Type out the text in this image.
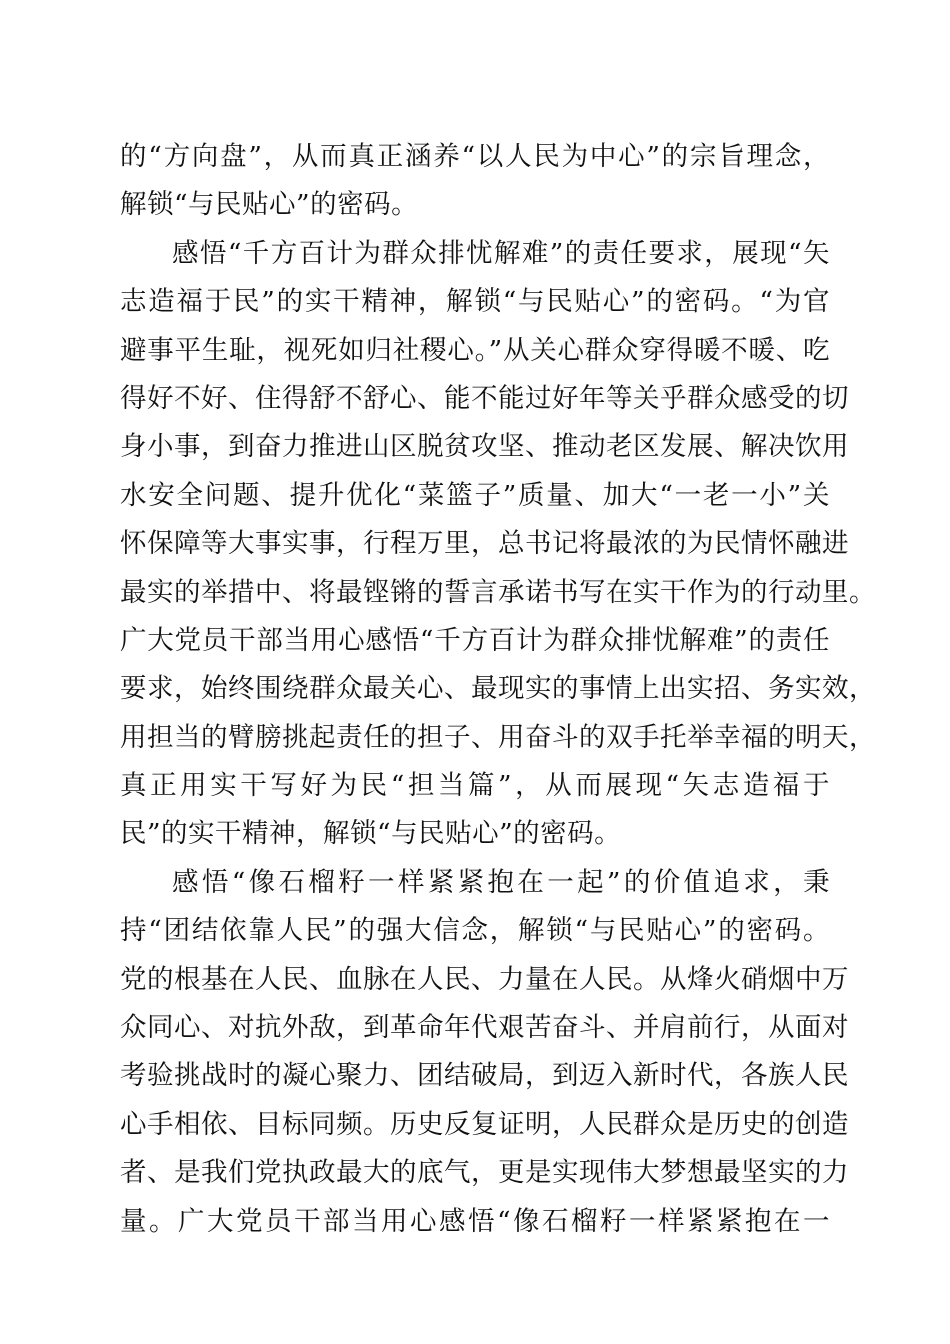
的“方向盘”，从而真正涵养“以人民为中心”的宗旨理念，
解锁“与民贴心”的密码。
感悟“千方百计为群众排忧解难”的责任要求，展现“矢
志造福于民”的实干精神，解锁“与民贴心”的密码。“为官
避事平生耻，视死如归社稷心。”从关心群众穿得暖不暖、吃
得好不好、住得舒不舒心、能不能过好年等关乎群众感受的切
身小事，到奋力推进山区脱贫攻坚、推动老区发展、解决饮用
水安全问题、提升优化“菜篮子”质量、加大“一老一小”关
怀保障等大事实事，行程万里，总书记将最浓的为民情怀融进
最实的举措中、将最铿锵的誓言承诺书写在实干作为的行动里。
广大党员干部当用心感悟“千方百计为群众排忧解难”的责任
要求，始终围绕群众最关心、最现实的事情上出实招、务实效，
用担当的臂膀挑起责任的担子、用奋斗的双手托举幸福的明天，
真正用实干写好为民“担当篇”，从而展现“矢志造福于
民”的实干精神，解锁“与民贴心”的密码。
感悟“像石榴籽一样紧紧抱在一起”的价值追求，秉
持“团结依靠人民”的强大信念，解锁“与民贴心”的密码。
党的根基在人民、血脉在人民、力量在人民。从烽火硝烟中万
众同心、对抗外敌，到革命年代艰苦奋斗、并肩前行，从面对
考验挑战时的凝心聚力、团结破局，到迈入新时代，各族人民
心手相依、目标同频。历史反复证明，人民群众是历史的创造
者、是我们党执政最大的底气，更是实现伟大梦想最坚实的力
量。广大党员干部当用心感悟“像石榴籽一样紧紧抱在一
